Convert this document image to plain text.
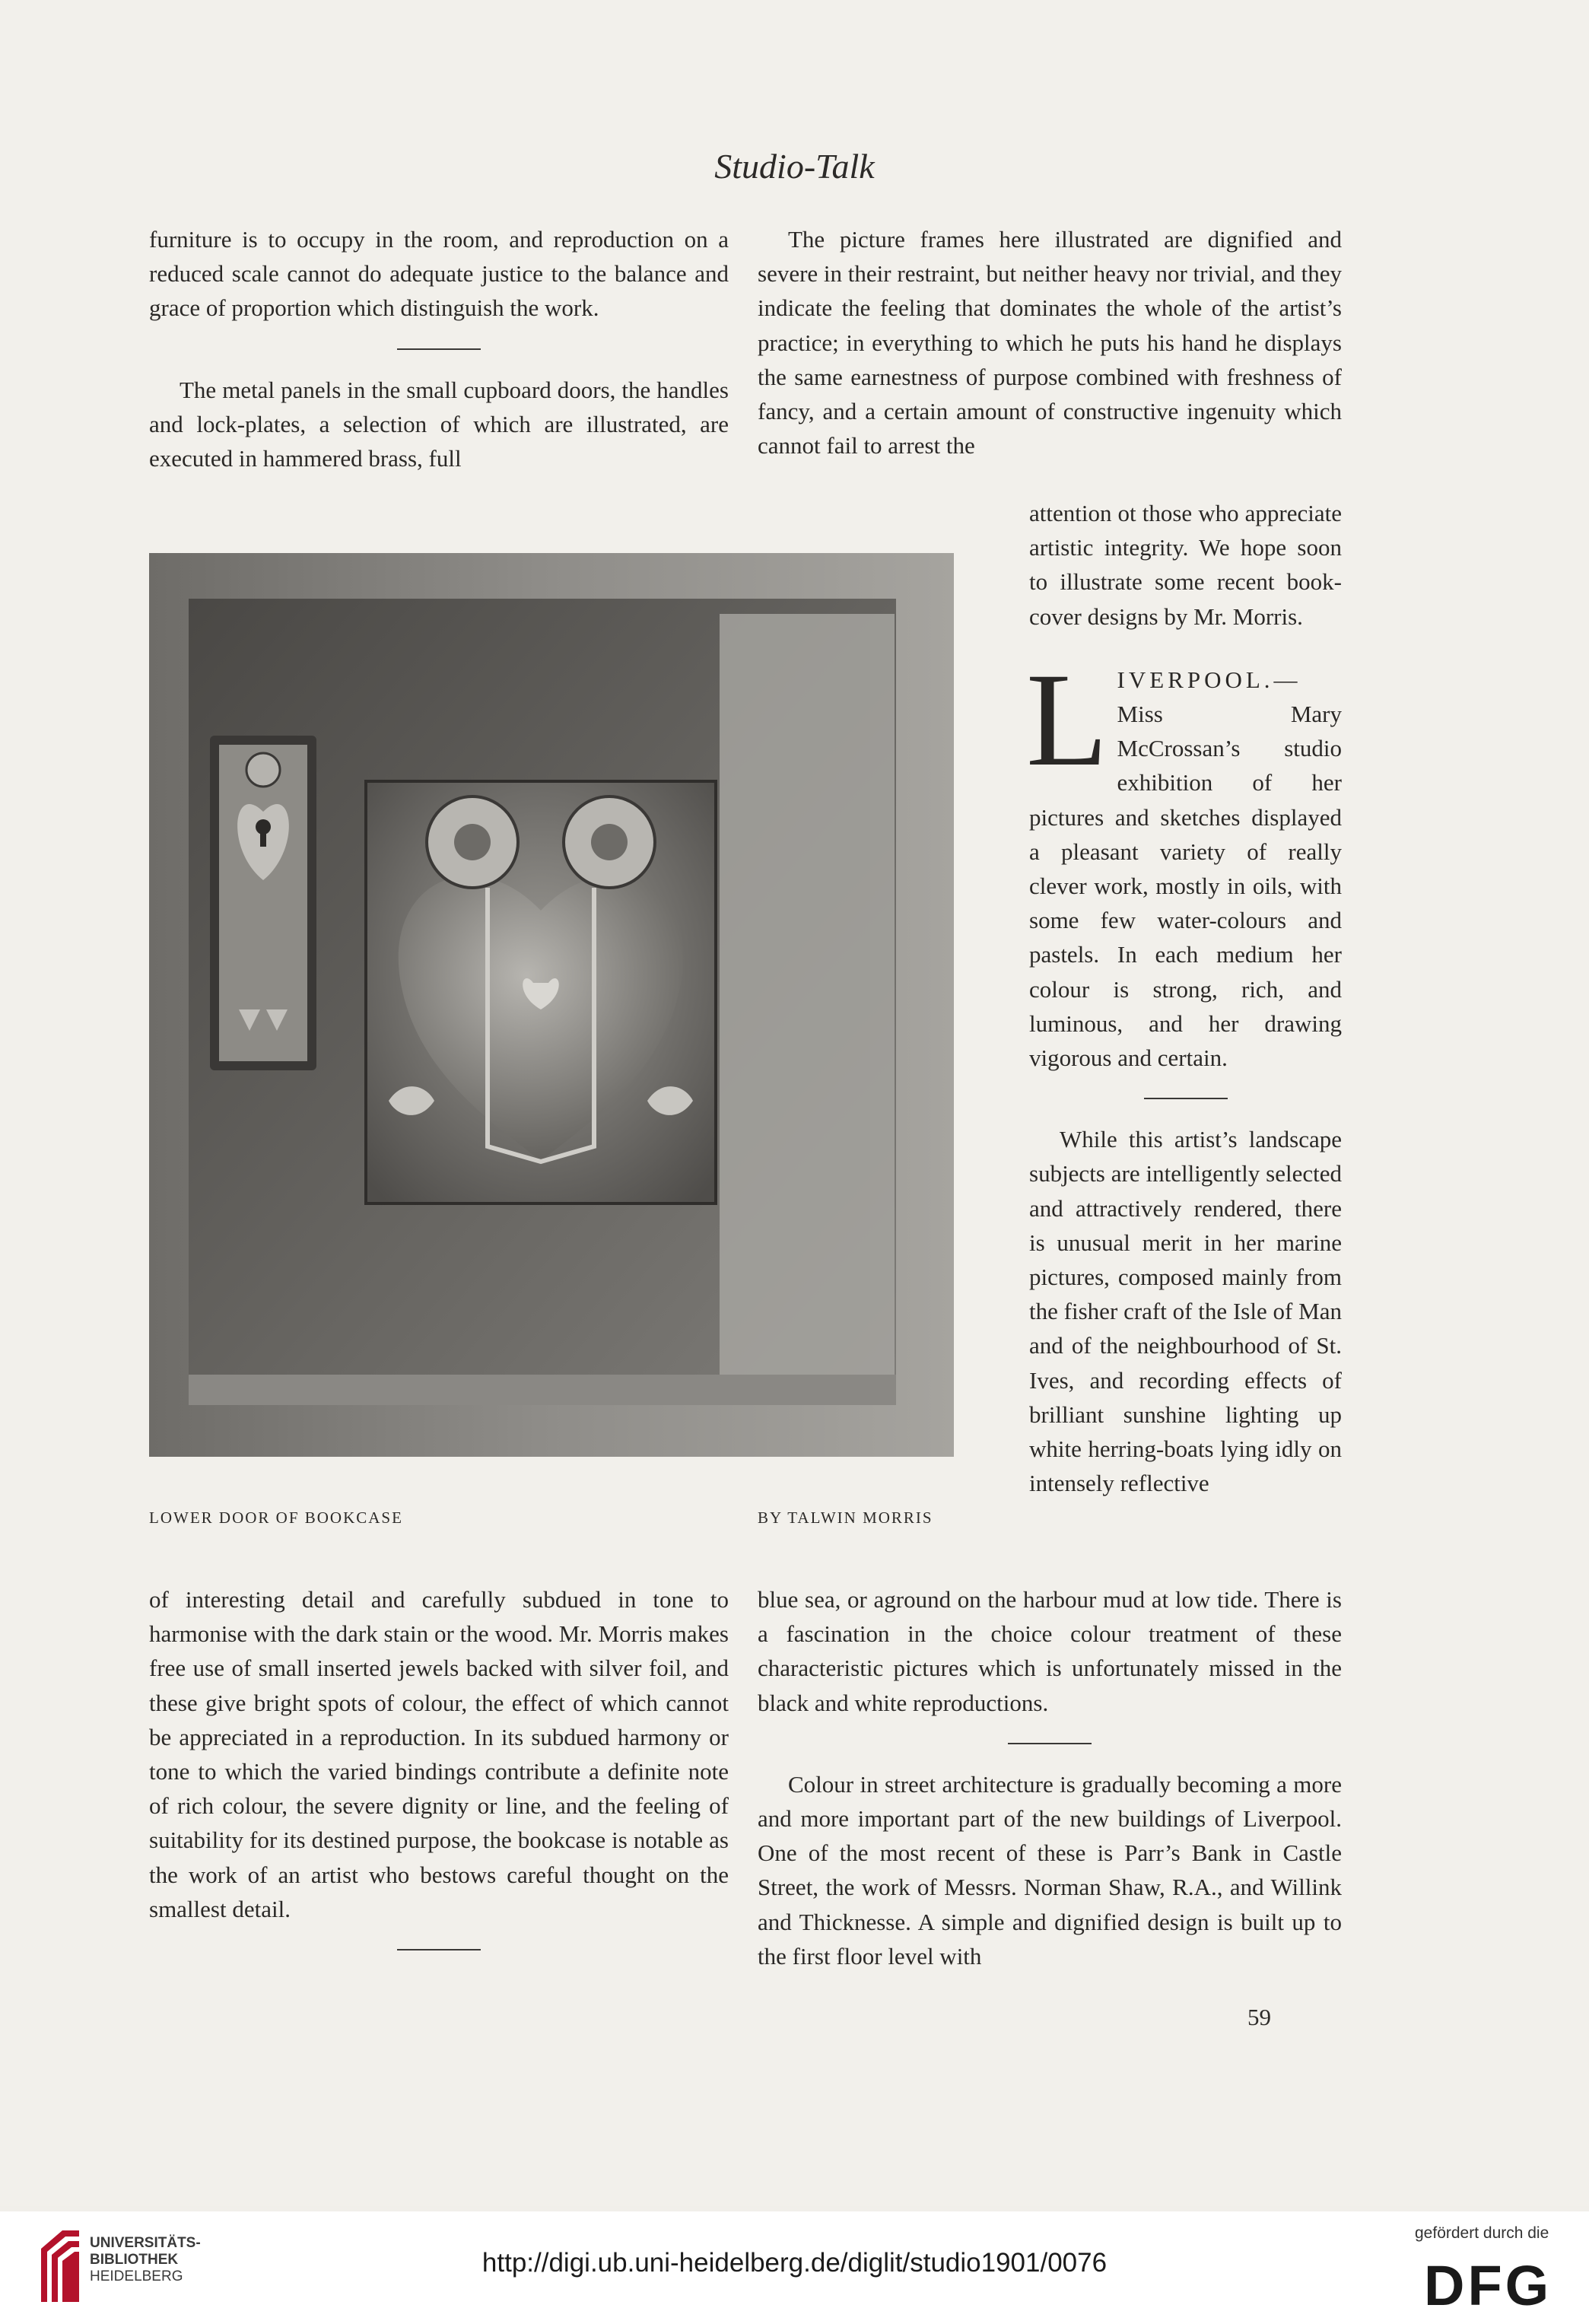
Studio-Talk

furniture is to occupy in the room, and reproduction on a reduced scale cannot do adequate justice to the balance and grace of proportion which distinguish the work.

The metal panels in the small cupboard doors, the handles and lock-plates, a selection of which are illustrated, are executed in hammered brass, full

The picture frames here illustrated are dignified and severe in their restraint, but neither heavy nor trivial, and they indicate the feeling that dominates the whole of the artist’s practice; in everything to which he puts his hand he displays the same earnestness of purpose combined with freshness of fancy, and a certain amount of constructive ingenuity which cannot fail to arrest the

attention ot those who appreciate artistic integrity. We hope soon to illustrate some recent book-cover designs by Mr. Morris.

L IVERPOOL.— Miss Mary McCrossan’s studio exhibition of her pictures and sketches displayed a pleasant variety of really clever work, mostly in oils, with some few water-colours and pastels. In each medium her colour is strong, rich, and luminous, and her drawing vigorous and certain.

While this artist’s landscape subjects are intelligently selected and attractively rendered, there is unusual merit in her marine pictures, composed mainly from the fisher craft of the Isle of Man and of the neighbourhood of St. Ives, and recording effects of brilliant sunshine lighting up white herring-boats lying idly on intensely reflective

LOWER DOOR OF BOOKCASE	BY TALWIN MORRIS

of interesting detail and carefully subdued in tone to harmonise with the dark stain or the wood. Mr. Morris makes free use of small inserted jewels backed with silver foil, and these give bright spots of colour, the effect of which cannot be appreciated in a reproduction. In its subdued harmony or tone to which the varied bindings contribute a definite note of rich colour, the severe dignity or line, and the feeling of suitability for its destined purpose, the bookcase is notable as the work of an artist who bestows careful thought on the smallest detail.

blue sea, or aground on the harbour mud at low tide. There is a fascination in the choice colour treatment of these characteristic pictures which is unfortunately missed in the black and white reproductions.

Colour in street architecture is gradually becoming a more and more important part of the new buildings of Liverpool. One of the most recent of these is Parr’s Bank in Castle Street, the work of Messrs. Norman Shaw, R.A., and Willink and Thicknesse. A simple and dignified design is built up to the first floor level with

59
UNIVERSITÄTS-
BIBLIOTHEK
HEIDELBERG	http://digi.ub.uni-heidelberg.de/diglit/studio1901/0076
gefördert durch die
DFG
